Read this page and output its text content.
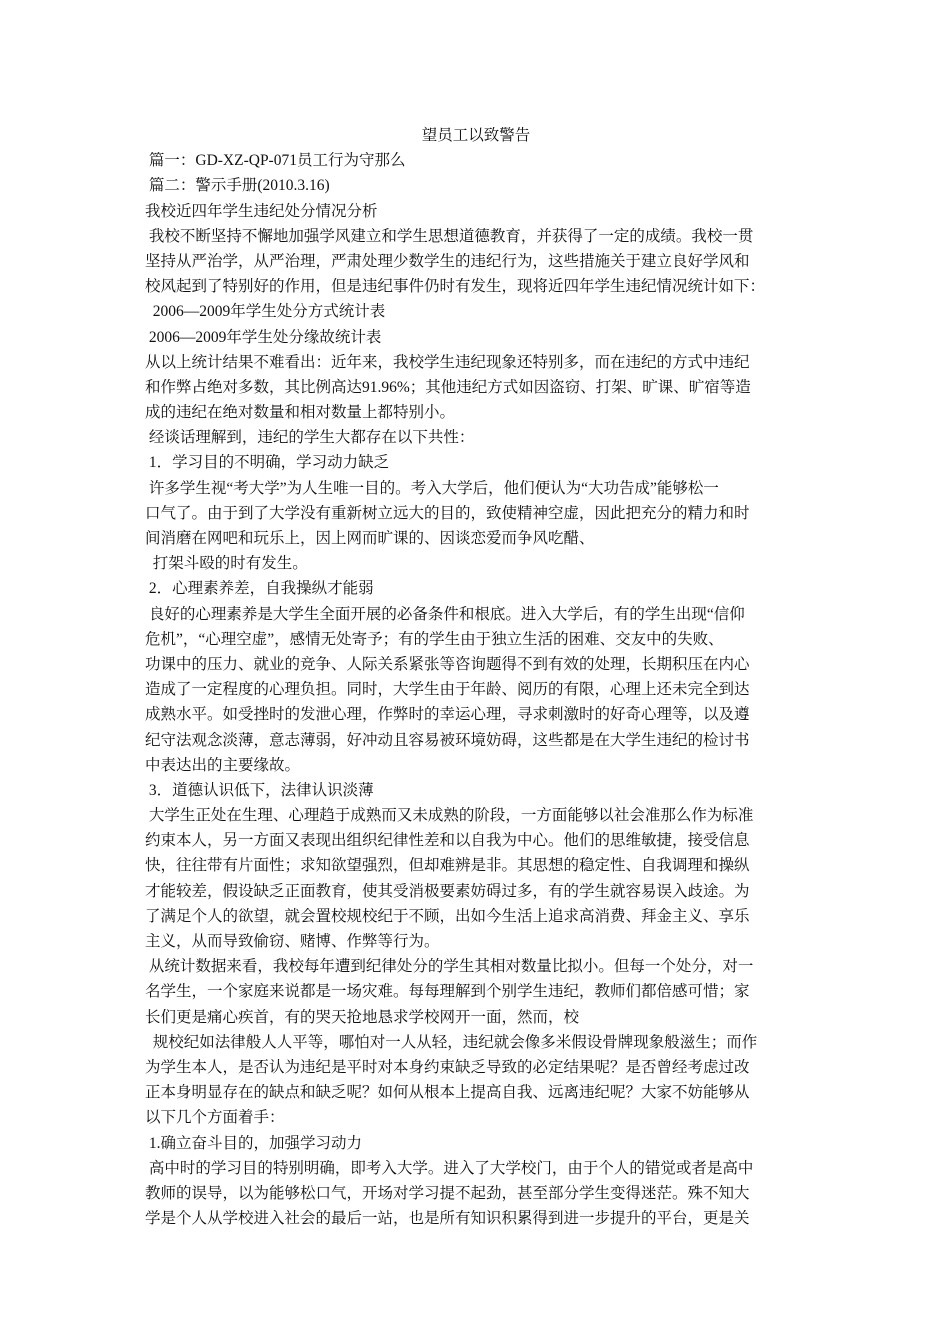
望员工以致警告
篇一：GD-XZ-QP-071员工行为守那么
篇二：警示手册(2010.3.16)
我校近四年学生违纪处分情况分析
我校不断坚持不懈地加强学风建立和学生思想道德教育，并获得了一定的成绩。我校一贯
坚持从严治学，从严治理，严肃处理少数学生的违纪行为，这些措施关于建立良好学风和
校风起到了特别好的作用，但是违纪事件仍时有发生，现将近四年学生违纪情况统计如下：
2006—2009年学生处分方式统计表
2006—2009年学生处分缘故统计表
从以上统计结果不难看出：近年来，我校学生违纪现象还特别多，而在违纪的方式中违纪
和作弊占绝对多数，其比例高达91.96%；其他违纪方式如因盗窃、打架、旷课、旷宿等造
成的违纪在绝对数量和相对数量上都特别小。
经谈话理解到，违纪的学生大都存在以下共性：
1．学习目的不明确，学习动力缺乏
许多学生视“考大学”为人生唯一目的。考入大学后，他们便认为“大功告成”能够松一
口气了。由于到了大学没有重新树立远大的目的，致使精神空虚，因此把充分的精力和时
间消磨在网吧和玩乐上，因上网而旷课的、因谈恋爱而争风吃醋、
打架斗殴的时有发生。
2．心理素养差，自我操纵才能弱
良好的心理素养是大学生全面开展的必备条件和根底。进入大学后，有的学生出现“信仰
危机”，“心理空虚”，感情无处寄予；有的学生由于独立生活的困难、交友中的失败、
功课中的压力、就业的竞争、人际关系紧张等咨询题得不到有效的处理，长期积压在内心
造成了一定程度的心理负担。同时，大学生由于年龄、阅历的有限，心理上还未完全到达
成熟水平。如受挫时的发泄心理，作弊时的幸运心理，寻求刺激时的好奇心理等，以及遵
纪守法观念淡薄，意志薄弱，好冲动且容易被环境妨碍，这些都是在大学生违纪的检讨书
中表达出的主要缘故。
3．道德认识低下，法律认识淡薄
大学生正处在生理、心理趋于成熟而又未成熟的阶段，一方面能够以社会准那么作为标准
约束本人，另一方面又表现出组织纪律性差和以自我为中心。他们的思维敏捷，接受信息
快，往往带有片面性；求知欲望强烈，但却难辨是非。其思想的稳定性、自我调理和操纵
才能较差，假设缺乏正面教育，使其受消极要素妨碍过多，有的学生就容易误入歧途。为
了满足个人的欲望，就会置校规校纪于不顾，出如今生活上追求高消费、拜金主义、享乐
主义，从而导致偷窃、赌博、作弊等行为。
从统计数据来看，我校每年遭到纪律处分的学生其相对数量比拟小。但每一个处分，对一
名学生，一个家庭来说都是一场灾难。每每理解到个别学生违纪，教师们都倍感可惜；家
长们更是痛心疾首，有的哭天抢地恳求学校网开一面，然而，校
规校纪如法律般人人平等，哪怕对一人从轻，违纪就会像多米假设骨牌现象般滋生；而作
为学生本人，是否认为违纪是平时对本身约束缺乏导致的必定结果呢？是否曾经考虑过改
正本身明显存在的缺点和缺乏呢？如何从根本上提高自我、远离违纪呢？大家不妨能够从
以下几个方面着手：
1.确立奋斗目的，加强学习动力
高中时的学习目的特别明确，即考入大学。进入了大学校门，由于个人的错觉或者是高中
教师的误导，以为能够松口气，开场对学习提不起劲，甚至部分学生变得迷茫。殊不知大
学是个人从学校进入社会的最后一站，也是所有知识积累得到进一步提升的平台，更是关
